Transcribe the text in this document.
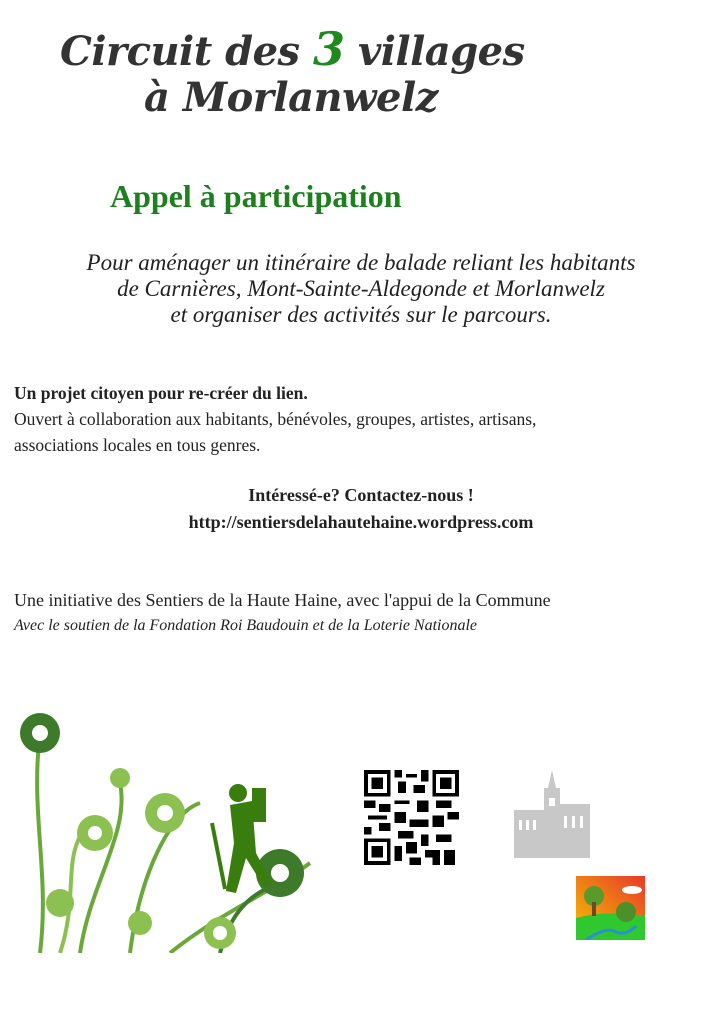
Circuit des 3 villages
à Morlanwelz
Appel à participation
Pour aménager un itinéraire de balade reliant les habitants
de Carnières, Mont-Sainte-Aldegonde et Morlanwelz
et organiser des activités sur le parcours.
Un projet citoyen pour re-créer du lien.
Ouvert à collaboration aux habitants, bénévoles, groupes, artistes, artisans,
associations locales en tous genres.
Intéressé-e? Contactez-nous !
http://sentiersdelahautehaine.wordpress.com
Une initiative des Sentiers de la Haute Haine, avec l'appui de la Commune
Avec le soutien de la Fondation Roi Baudouin et de la Loterie Nationale
